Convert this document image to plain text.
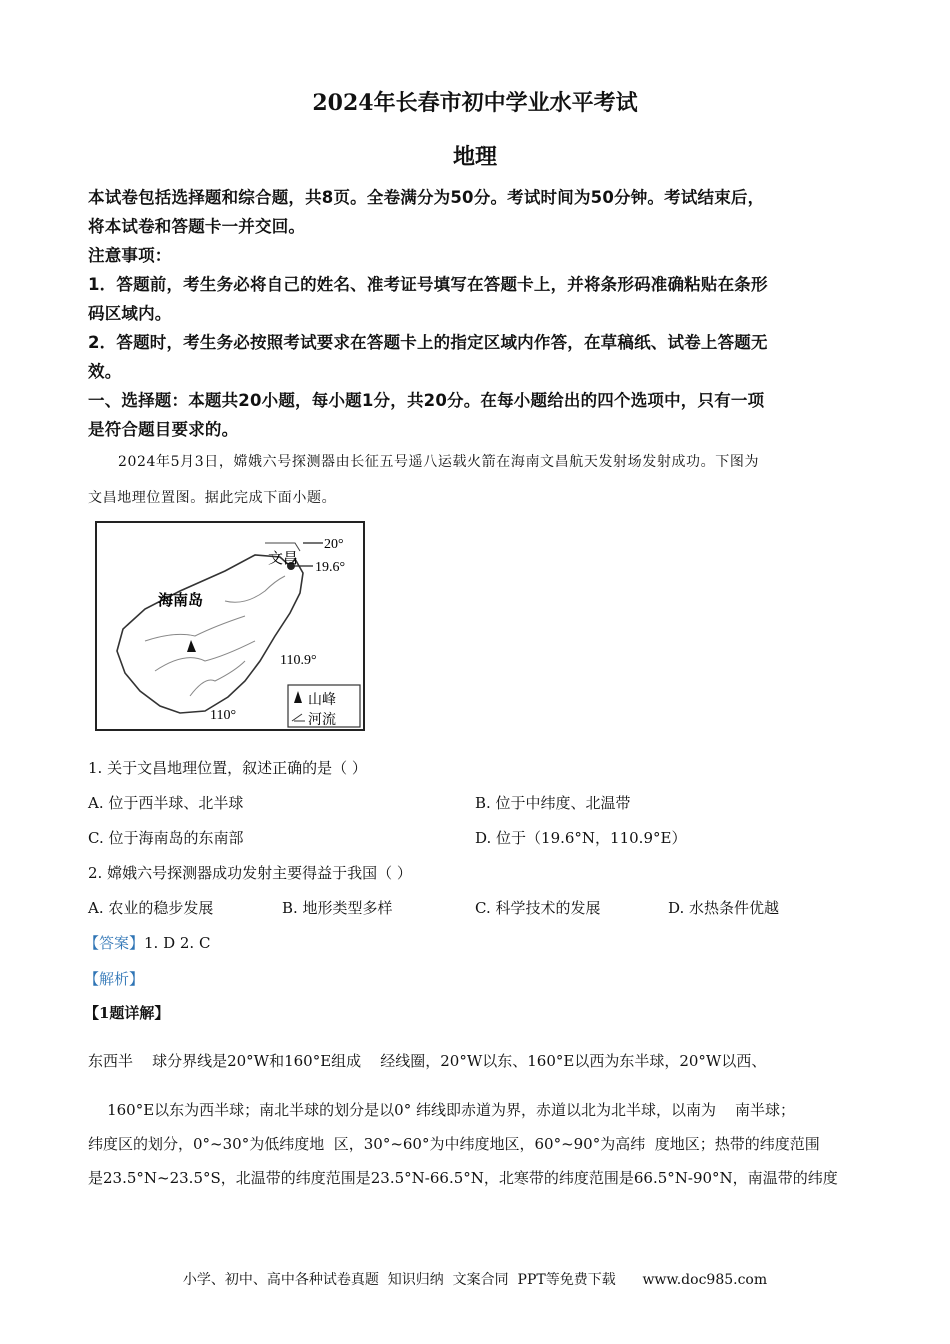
2024年长春市初中学业水平考试
地理
本试卷包括选择题和综合题，共8页。全卷满分为50分。考试时间为50分钟。考试结束后，
将本试卷和答题卡一并交回。
注意事项：
1．答题前，考生务必将自己的姓名、准考证号填写在答题卡上，并将条形码准确粘贴在条形
码区域内。
2．答题时，考生务必按照考试要求在答题卡上的指定区域内作答，在草稿纸、试卷上答题无
效。
一、选择题：本题共20小题，每小题1分，共20分。在每小题给出的四个选项中，只有一项
是符合题目要求的。
2024年5月3日，嫦娥六号探测器由长征五号遥八运载火箭在海南文昌航天发射场发射成功。下图为
文昌地理位置图。据此完成下面小题。
海南岛
文昌
20°
19.6°
110.9°
110°
山峰
河流
1. 关于文昌地理位置，叙述正确的是（ ）
A. 位于西半球、北半球	B. 位于中纬度、北温带
C. 位于海南岛的东南部	D. 位于（19.6°N，110.9°E）
2. 嫦娥六号探测器成功发射主要得益于我国（ ）
A. 农业的稳步发展	B. 地形类型多样	C. 科学技术的发展	D. 水热条件优越
【答案】1. D 2. C
【解析】
【1题详解】
东西半    球分界线是20°W和160°E组成    经线圈，20°W以东、160°E以西为东半球，20°W以西、
160°E以东为西半球；南北半球的划分是以0° 纬线即赤道为界，赤道以北为北半球，以南为    南半球；
纬度区的划分，0°~30°为低纬度地  区，30°~60°为中纬度地区，60°~90°为高纬  度地区；热带的纬度范围
是23.5°N~23.5°S，北温带的纬度范围是23.5°N-66.5°N，北寒带的纬度范围是66.5°N-90°N，南温带的纬度
小学、初中、高中各种试卷真题  知识归纳  文案合同  PPT等免费下载      www.doc985.com
